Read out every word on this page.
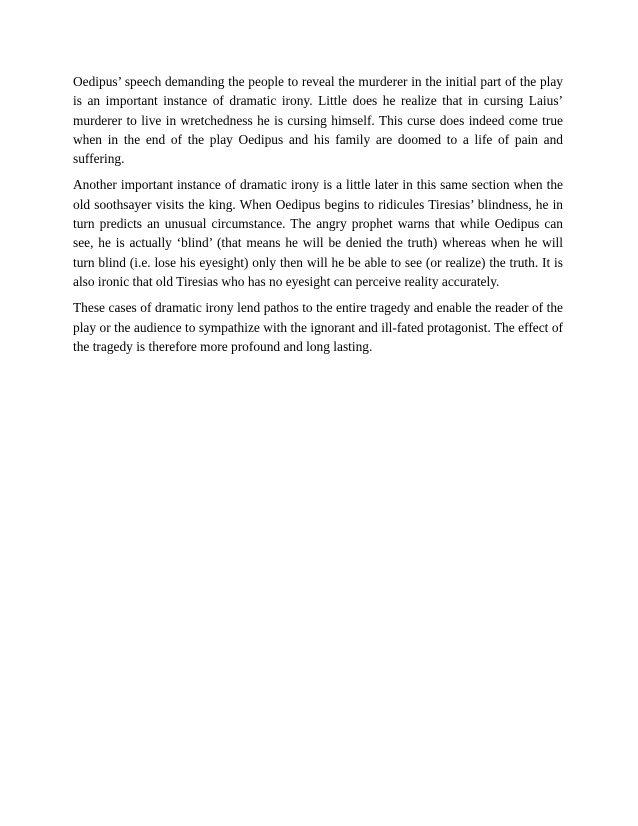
Oedipus’ speech demanding the people to reveal the murderer in the initial part of the play is an important instance of dramatic irony. Little does he realize that in cursing Laius’ murderer to live in wretchedness he is cursing himself. This curse does indeed come true when in the end of the play Oedipus and his family are doomed to a life of pain and suffering.

Another important instance of dramatic irony is a little later in this same section when the old soothsayer visits the king. When Oedipus begins to ridicules Tiresias’ blindness, he in turn predicts an unusual circumstance. The angry prophet warns that while Oedipus can see, he is actually ‘blind’ (that means he will be denied the truth) whereas when he will turn blind (i.e. lose his eyesight) only then will he be able to see (or realize) the truth. It is also ironic that old Tiresias who has no eyesight can perceive reality accurately.

These cases of dramatic irony lend pathos to the entire tragedy and enable the reader of the play or the audience to sympathize with the ignorant and ill-fated protagonist. The effect of the tragedy is therefore more profound and long lasting.
